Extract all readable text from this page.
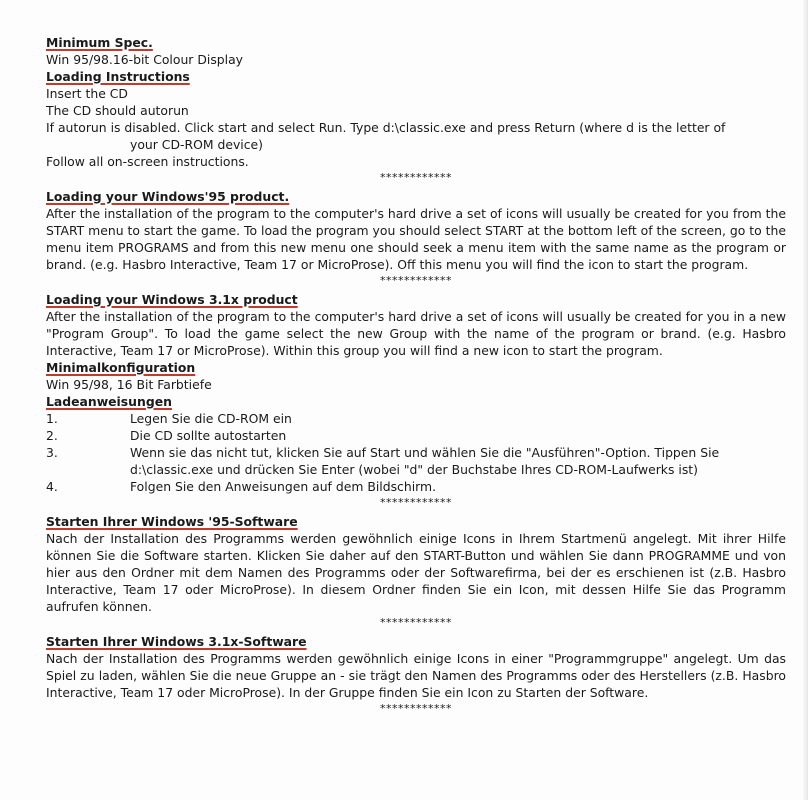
Minimum Spec.
Win 95/98.16-bit Colour Display
Loading Instructions
Insert the CD
The CD should autorun
If autorun is disabled. Click start and select Run. Type d:\classic.exe and press Return (where d is the letter of
your CD-ROM device)
Follow all on-screen instructions.
************
Loading your Windows'95 product.
After the installation of the program to the computer's hard drive a set of icons will usually be created for you from the START menu to start the game. To load the program you should select START at the bottom left of the screen, go to the menu item PROGRAMS and from this new menu one should seek a menu item with the same name as the program or brand. (e.g. Hasbro Interactive, Team 17 or MicroProse). Off this menu you will find the icon to start the program.
************
Loading your Windows 3.1x product
After the installation of the program to the computer's hard drive a set of icons will usually be created for you in a new "Program Group". To load the game select the new Group with the name of the program or brand. (e.g. Hasbro Interactive, Team 17 or MicroProse). Within this group you will find a new icon to start the program.
Minimalkonfiguration
Win 95/98, 16 Bit Farbtiefe
Ladeanweisungen
1.	Legen Sie die CD-ROM ein
2.	Die CD sollte autostarten
3.	Wenn sie das nicht tut, klicken Sie auf Start und wählen Sie die "Ausführen"-Option. Tippen Sie d:\classic.exe und drücken Sie Enter (wobei "d" der Buchstabe Ihres CD-ROM-Laufwerks ist)
4.	Folgen Sie den Anweisungen auf dem Bildschirm.
************
Starten Ihrer Windows '95-Software
Nach der Installation des Programms werden gewöhnlich einige Icons in Ihrem Startmenü angelegt. Mit ihrer Hilfe können Sie die Software starten. Klicken Sie daher auf den START-Button und wählen Sie dann PROGRAMME und von hier aus den Ordner mit dem Namen des Programms oder der Softwarefirma, bei der es erschienen ist (z.B. Hasbro Interactive, Team 17 oder MicroProse). In diesem Ordner finden Sie ein Icon, mit dessen Hilfe Sie das Programm aufrufen können.
************
Starten Ihrer Windows 3.1x-Software
Nach der Installation des Programms werden gewöhnlich einige Icons in einer "Programmgruppe" angelegt. Um das Spiel zu laden, wählen Sie die neue Gruppe an - sie trägt den Namen des Programms oder des Herstellers (z.B. Hasbro Interactive, Team 17 oder MicroProse). In der Gruppe finden Sie ein Icon zu Starten der Software.
************
